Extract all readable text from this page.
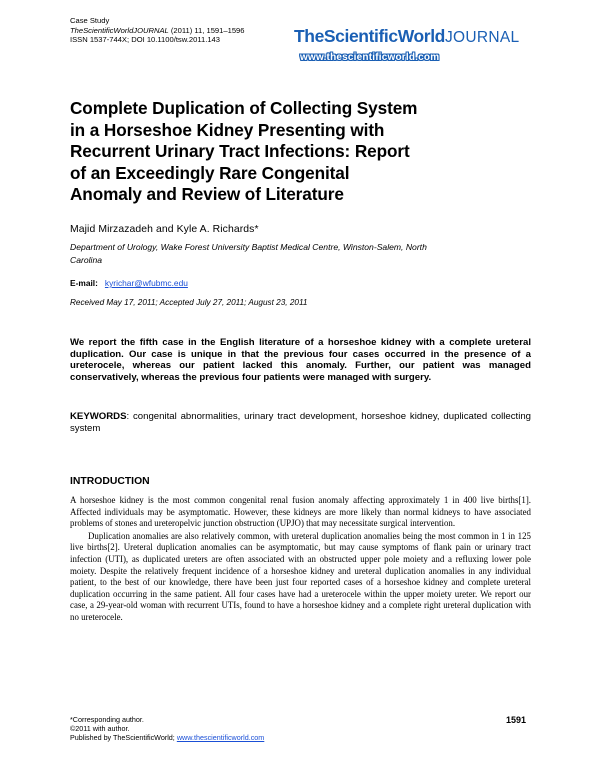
Case Study
TheScientificWorldJOURNAL (2011) 11, 1591–1596
ISSN 1537-744X; DOI 10.1100/tsw.2011.143	TheScientificWorldJOURNAL
www.thescientificworld.com
Complete Duplication of Collecting System
in a Horseshoe Kidney Presenting with
Recurrent Urinary Tract Infections: Report
of an Exceedingly Rare Congenital
Anomaly and Review of Literature
Majid Mirzazadeh and Kyle A. Richards*
Department of Urology, Wake Forest University Baptist Medical Centre, Winston-Salem, North Carolina
E-mail: kyrichar@wfubmc.edu
Received May 17, 2011; Accepted July 27, 2011; August 23, 2011
We report the fifth case in the English literature of a horseshoe kidney with a complete ureteral duplication. Our case is unique in that the previous four cases occurred in the presence of a ureterocele, whereas our patient lacked this anomaly. Further, our patient was managed conservatively, whereas the previous four patients were managed with surgery.
KEYWORDS: congenital abnormalities, urinary tract development, horseshoe kidney, duplicated collecting system
INTRODUCTION

A horseshoe kidney is the most common congenital renal fusion anomaly affecting approximately 1 in 400 live births[1]. Affected individuals may be asymptomatic. However, these kidneys are more likely than normal kidneys to have associated problems of stones and ureteropelvic junction obstruction (UPJO) that may necessitate surgical intervention.

Duplication anomalies are also relatively common, with ureteral duplication anomalies being the most common in 1 in 125 live births[2]. Ureteral duplication anomalies can be asymptomatic, but may cause symptoms of flank pain or urinary tract infection (UTI), as duplicated ureters are often associated with an obstructed upper pole moiety and a refluxing lower pole moiety. Despite the relatively frequent incidence of a horseshoe kidney and ureteral duplication anomalies in any individual patient, to the best of our knowledge, there have been just four reported cases of a horseshoe kidney and complete ureteral duplication occurring in the same patient. All four cases have had a ureterocele within the upper moiety ureter. We report our case, a 29-year-old woman with recurrent UTIs, found to have a horseshoe kidney and a complete right ureteral duplication with no ureterocele.

*Corresponding author.
©2011 with author.
Published by TheScientificWorld; www.thescientificworld.com
1591
